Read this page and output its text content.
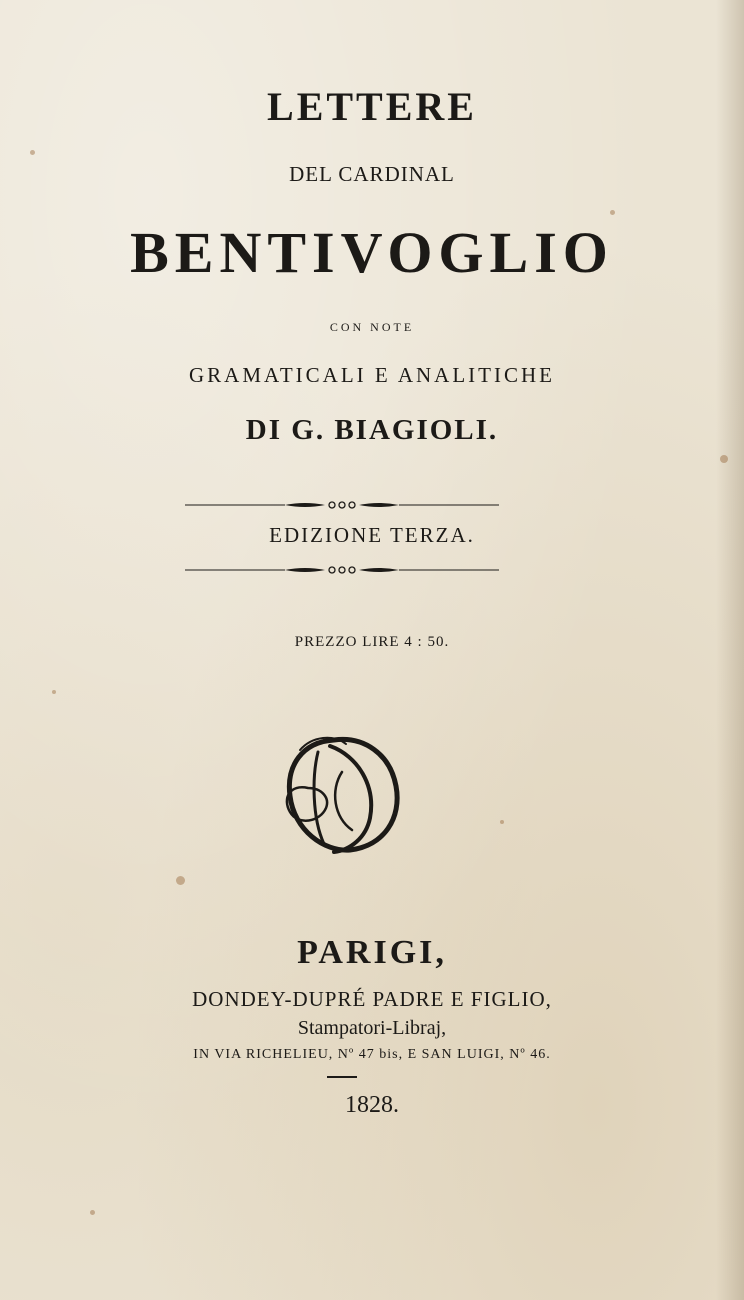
LETTERE
DEL CARDINAL
BENTIVOGLIO
CON NOTE
GRAMATICALI E ANALITICHE
DI G. BIAGIOLI.
EDIZIONE TERZA.
PREZZO LIRE 4 : 50.
PARIGI,
DONDEY-DUPRÉ PADRE E FIGLIO,
Stampatori-Libraj,
IN VIA RICHELIEU, Nº 47 bis, E SAN LUIGI, Nº 46.
1828.
